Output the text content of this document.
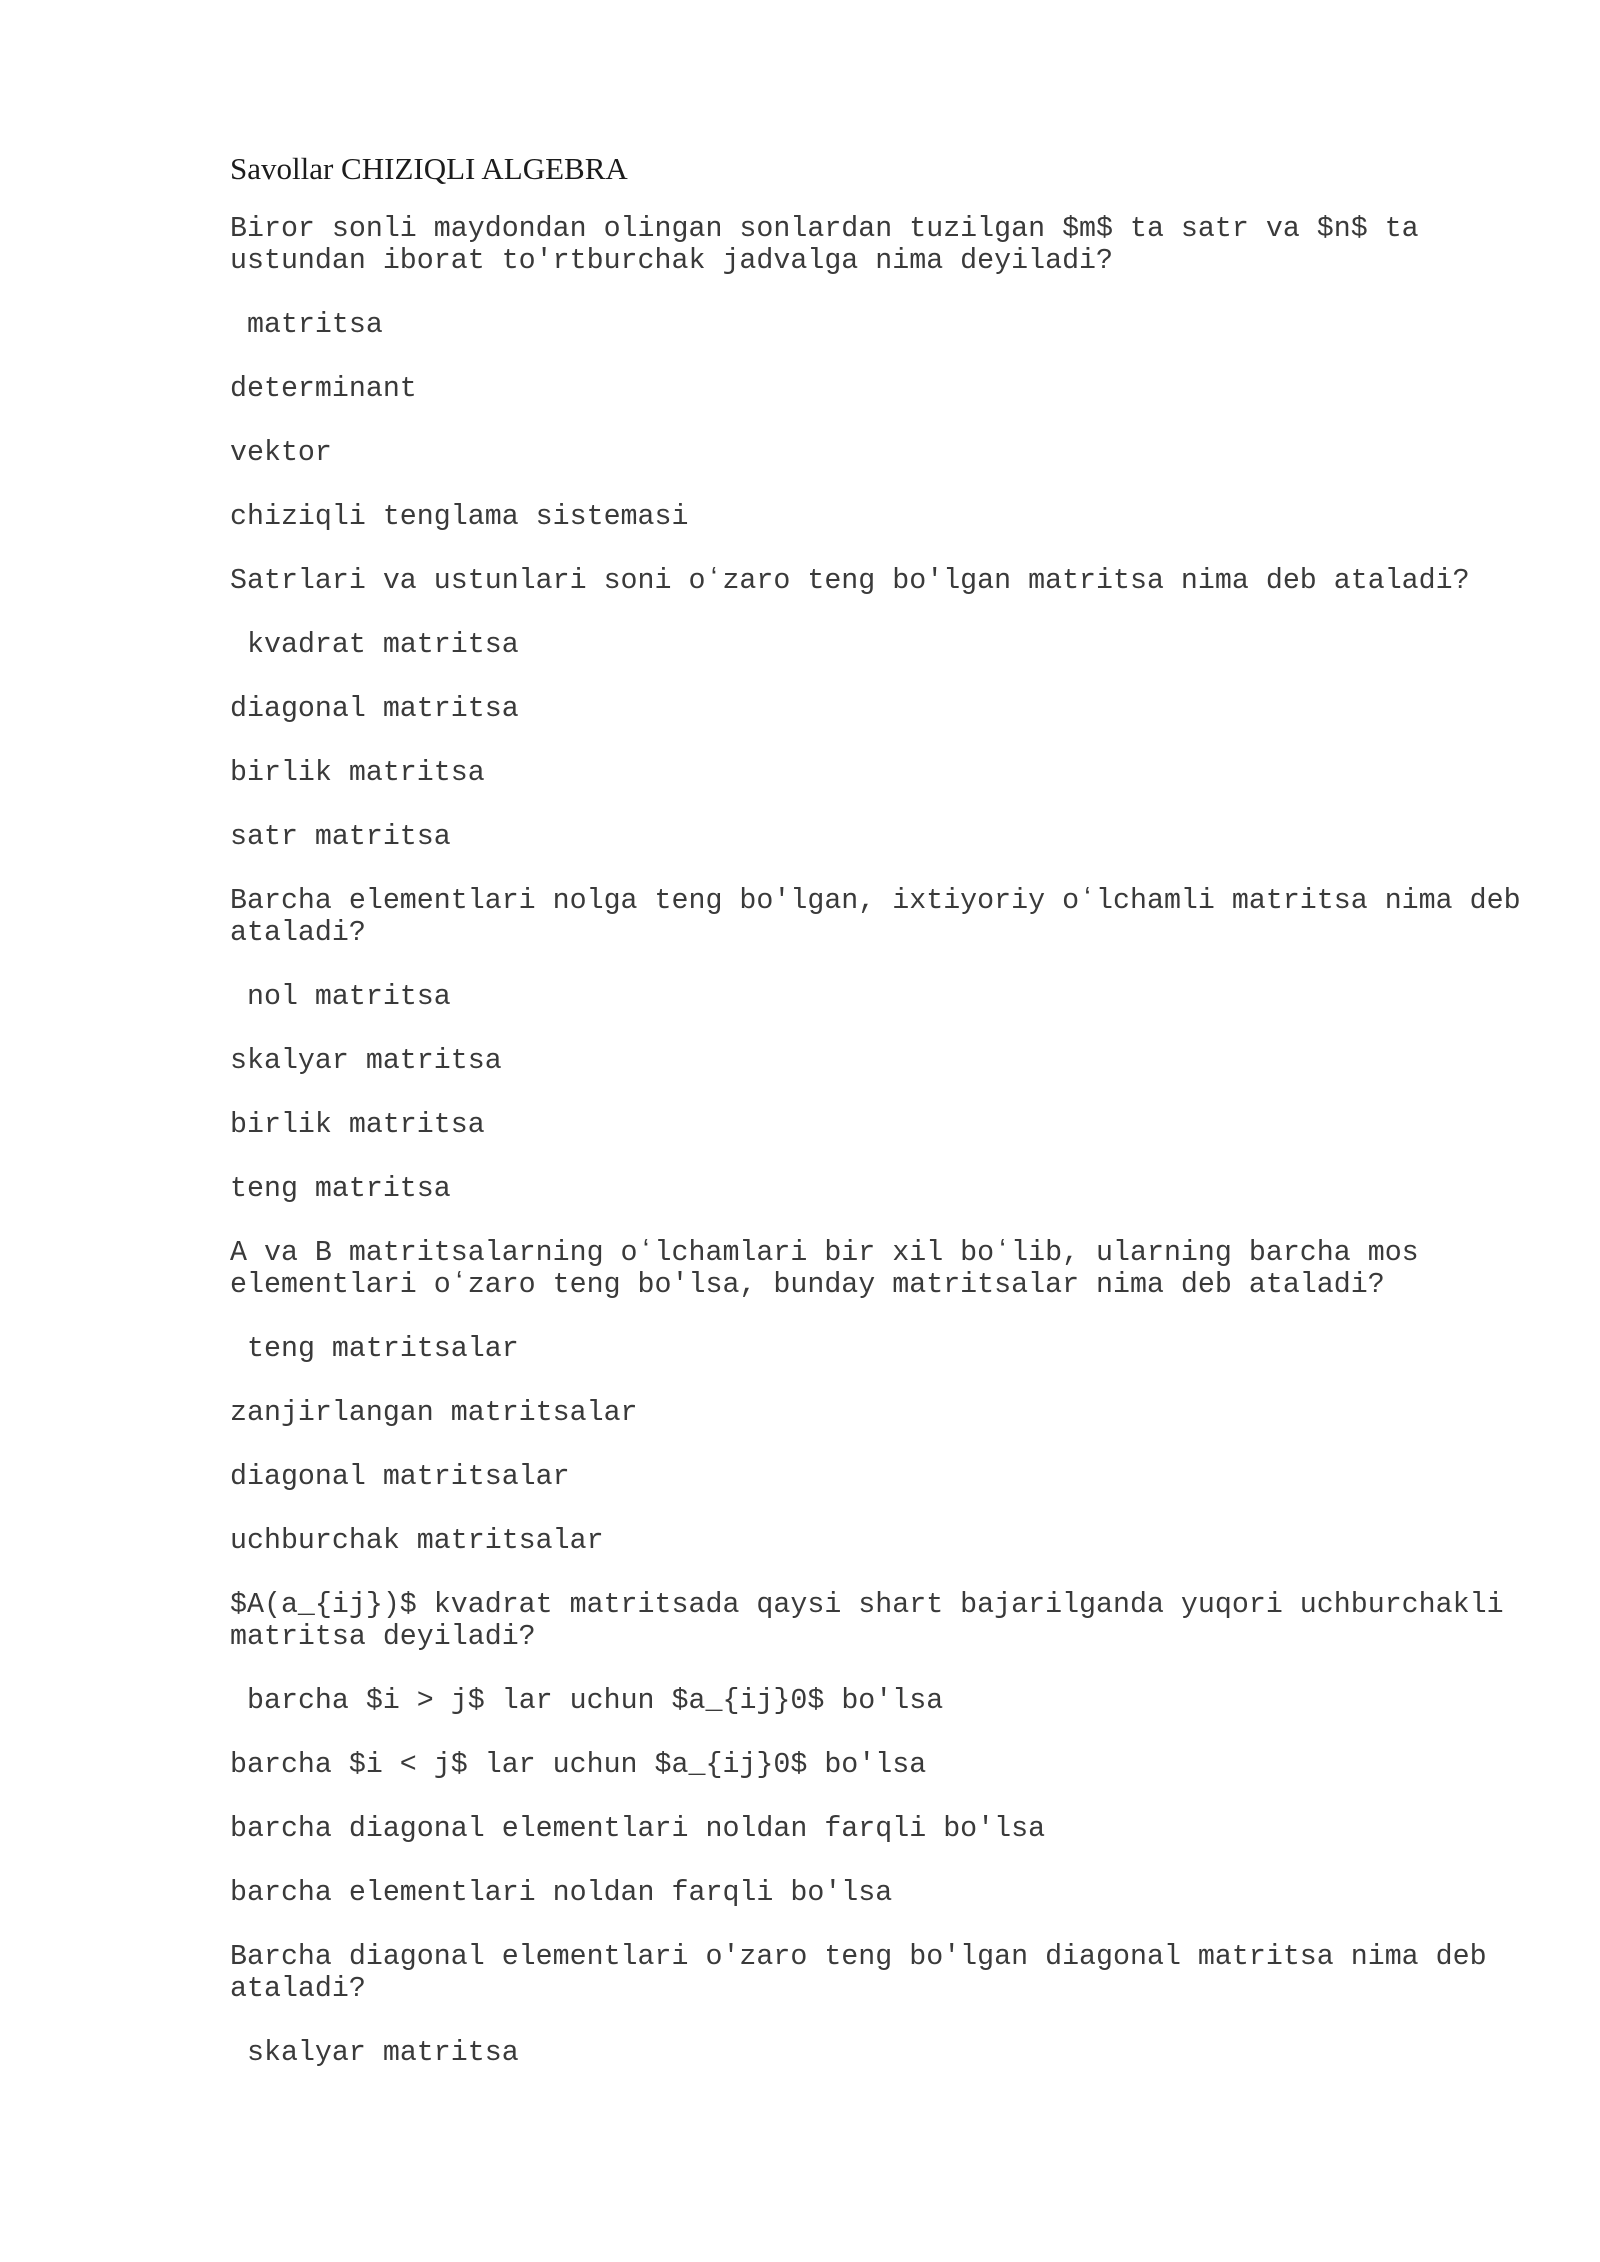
Savollar CHIZIQLI ALGEBRA
Biror sonli maydondan olingan sonlardan tuzilgan $m$ ta satr va $n$ ta ustundan iborat to'rtburchak jadvalga nima deyiladi?
matritsa
determinant
vektor
chiziqli tenglama sistemasi
Satrlari va ustunlari soni oʻzaro teng bo'lgan matritsa nima deb ataladi?
kvadrat matritsa
diagonal matritsa
birlik matritsa
satr matritsa
Barcha elementlari nolga teng bo'lgan, ixtiyoriy oʻlchamli matritsa nima deb ataladi?
nol matritsa
skalyar matritsa
birlik matritsa
teng matritsa
A va B matritsalarning oʻlchamlari bir xil boʻlib, ularning barcha mos elementlari oʻzaro teng bo'lsa, bunday matritsalar nima deb ataladi?
teng matritsalar
zanjirlangan matritsalar
diagonal matritsalar
uchburchak matritsalar
$A(a_{ij})$ kvadrat matritsada qaysi shart bajarilganda yuqori uchburchakli matritsa deyiladi?
barcha $i > j$ lar uchun $a_{ij}0$ bo'lsa
barcha $i < j$ lar uchun $a_{ij}0$ bo'lsa
barcha diagonal elementlari noldan farqli bo'lsa
barcha elementlari noldan farqli bo'lsa
Barcha diagonal elementlari o'zaro teng bo'lgan diagonal matritsa nima deb ataladi?
skalyar matritsa
